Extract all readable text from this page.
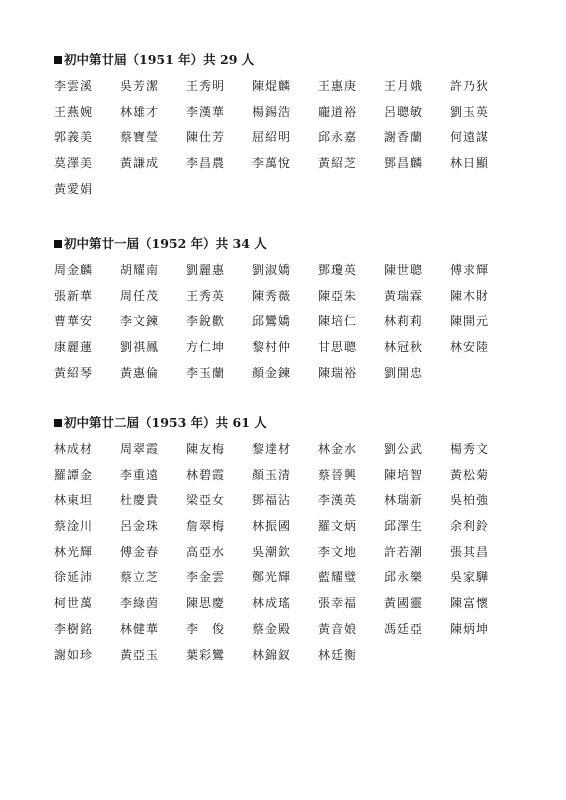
初中第廿屆（1951 年）共 29 人
李雲溪	吳芳潔	王秀明	陳焜麟	王惠庚	王月娥	許乃狄
王燕婉	林雄才	李漢華	楊錫浩	龐道裕	呂聰敏	劉玉英
郭義美	蔡寶瑩	陳仕芳	屈紹明	邱永嘉	謝香蘭	何遠謀
莫澤美	黃謙成	李昌農	李萬悅	黃紹芝	鄧昌麟	林日顯
黃愛娟
初中第廿一屆（1952 年）共 34 人
周金麟	胡耀南	劉麗惠	劉淑嬌	鄧瓊英	陳世聰	傅求輝
張新華	周任茂	王秀英	陳秀薇	陳亞朱	黃瑞霖	陳木財
曹華安	李文鍊	李銳歡	邱鸞嬌	陳培仁	林莉莉	陳開元
康麗蓮	劉祺鳳	方仁坤	黎村仲	甘思聰	林冠秋	林安陸
黃紹琴	黃惠倫	李玉蘭	顏金鍊	陳瑞裕	劉開忠
初中第廿二屆（1953 年）共 61 人
林成材	周翠霞	陳友梅	黎達材	林金水	劉公武	楊秀文
羅譚金	李重遠	林碧霞	顏玉清	蔡晉興	陳培智	黃松菊
林東坦	杜慶貴	梁亞女	鄧福沾	李漢英	林瑞新	吳柏強
蔡淦川	呂金珠	詹翠梅	林振國	羅文炳	邱澤生	余利鈴
林光輝	傅金春	高亞水	吳潮欽	李文地	許若潮	張其昌
徐延沛	蔡立芝	李金雲	鄭光輝	藍耀璧	邱永樂	吳家驊
柯世萬	李綠茵	陳思慶	林成瑤	張幸福	黃國靈	陳富懷
李樹銘	林健華	李　俊	蔡金殿	黃音娘	馮廷亞	陳炳坤
謝如珍	黃亞玉	葉彩鸞	林錦釵	林廷衡
